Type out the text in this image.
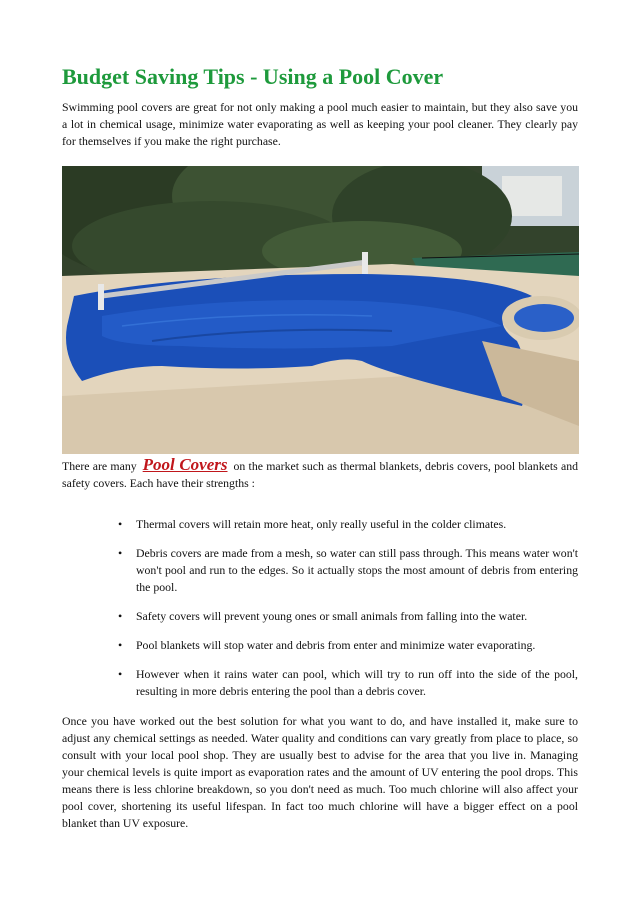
Budget Saving Tips - Using a Pool Cover

Swimming pool covers are great for not only making a pool much easier to maintain, but they also save you a lot in chemical usage, minimize water evaporating as well as keeping your pool cleaner. They clearly pay for themselves if you make the right purchase.

There are many Pool Covers on the market such as thermal blankets, debris covers, pool blankets and safety covers. Each have their strengths :

• Thermal covers will retain more heat, only really useful in the colder climates.
• Debris covers are made from a mesh, so water can still pass through. This means water won't won't pool and run to the edges. So it actually stops the most amount of debris from entering the pool.
• Safety covers will prevent young ones or small animals from falling into the water.
• Pool blankets will stop water and debris from enter and minimize water evaporating.
• However when it rains water can pool, which will try to run off into the side of the pool, resulting in more debris entering the pool than a debris cover.

Once you have worked out the best solution for what you want to do, and have installed it, make sure to adjust any chemical settings as needed. Water quality and conditions can vary greatly from place to place, so consult with your local pool shop. They are usually best to advise for the area that you live in. Managing your chemical levels is quite import as evaporation rates and the amount of UV entering the pool drops. This means there is less chlorine breakdown, so you don't need as much. Too much chlorine will also affect your pool cover, shortening its useful lifespan. In fact too much chlorine will have a bigger effect on a pool blanket than UV exposure.
